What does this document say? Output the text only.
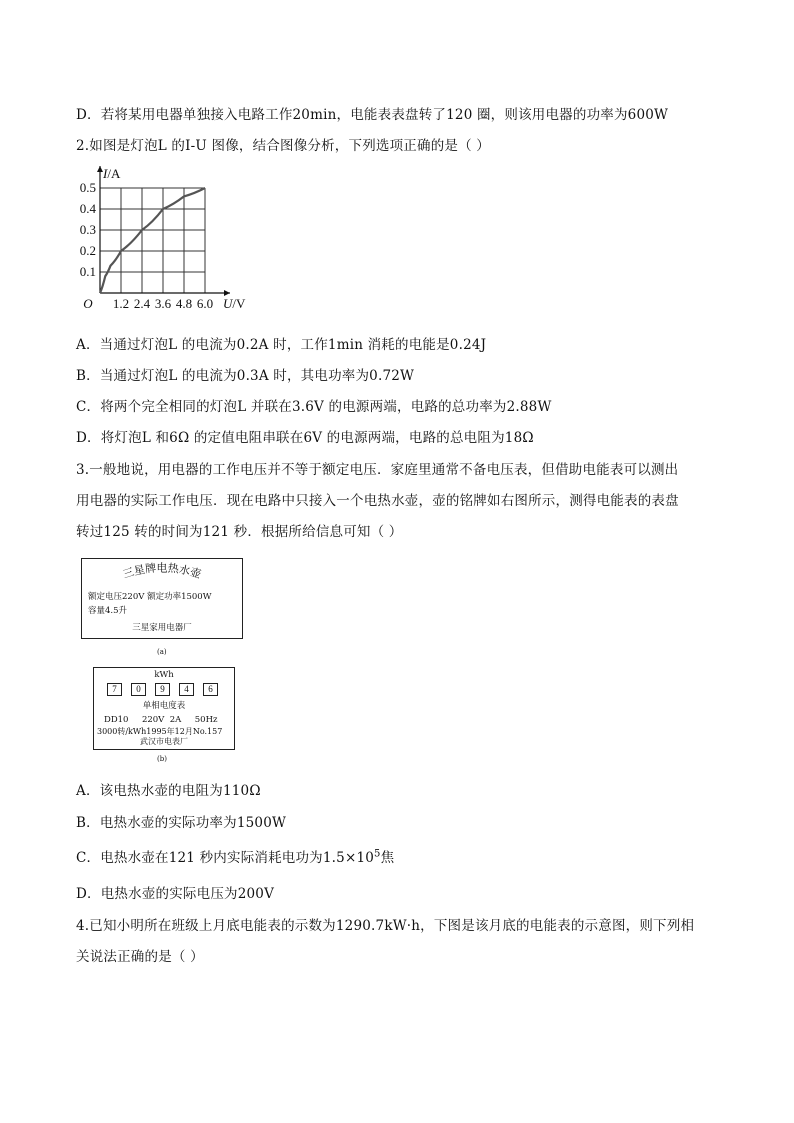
D．若将某用电器单独接入电路工作20min，电能表表盘转了120 圈，则该用电器的功率为600W
2.如图是灯泡L 的I-U 图像，结合图像分析，下列选项正确的是（ ）
1.2 2.4 3.6 4.8 6.0
0.1
0.2
0.3
0.4
0.5
O	U/V
I/A
A．当通过灯泡L 的电流为0.2A 时，工作1min 消耗的电能是0.24J
B．当通过灯泡L 的电流为0.3A 时，其电功率为0.72W
C．将两个完全相同的灯泡L 并联在3.6V 的电源两端，电路的总功率为2.88W
D．将灯泡L 和6Ω 的定值电阻串联在6V 的电源两端，电路的总电阻为18Ω
3.一般地说，用电器的工作电压并不等于额定电压．家庭里通常不备电压表，但借助电能表可以测出
用电器的实际工作电压．现在电路中只接入一个电热水壶，壶的铭牌如右图所示，测得电能表的表盘
转过125 转的时间为121 秒．根据所给信息可知（ ）
三星牌电热水壶
额定电压220V 额定功率1500W
容量4.5升
三星家用电器厂
(a)
kWh
7	0	9	4	6
单相电度表
DD10     220V  2A     50Hz
3000转/kWh1995年12月No.157
武汉市电表厂
(b)
A．该电热水壶的电阻为110Ω
B．电热水壶的实际功率为1500W
C．电热水壶在121 秒内实际消耗电功为$1.5\times 10^5$焦
D．电热水壶的实际电压为200V
4.已知小明所在班级上月底电能表的示数为1290.7kW·h，下图是该月底的电能表的示意图，则下列相
关说法正确的是（ ）
